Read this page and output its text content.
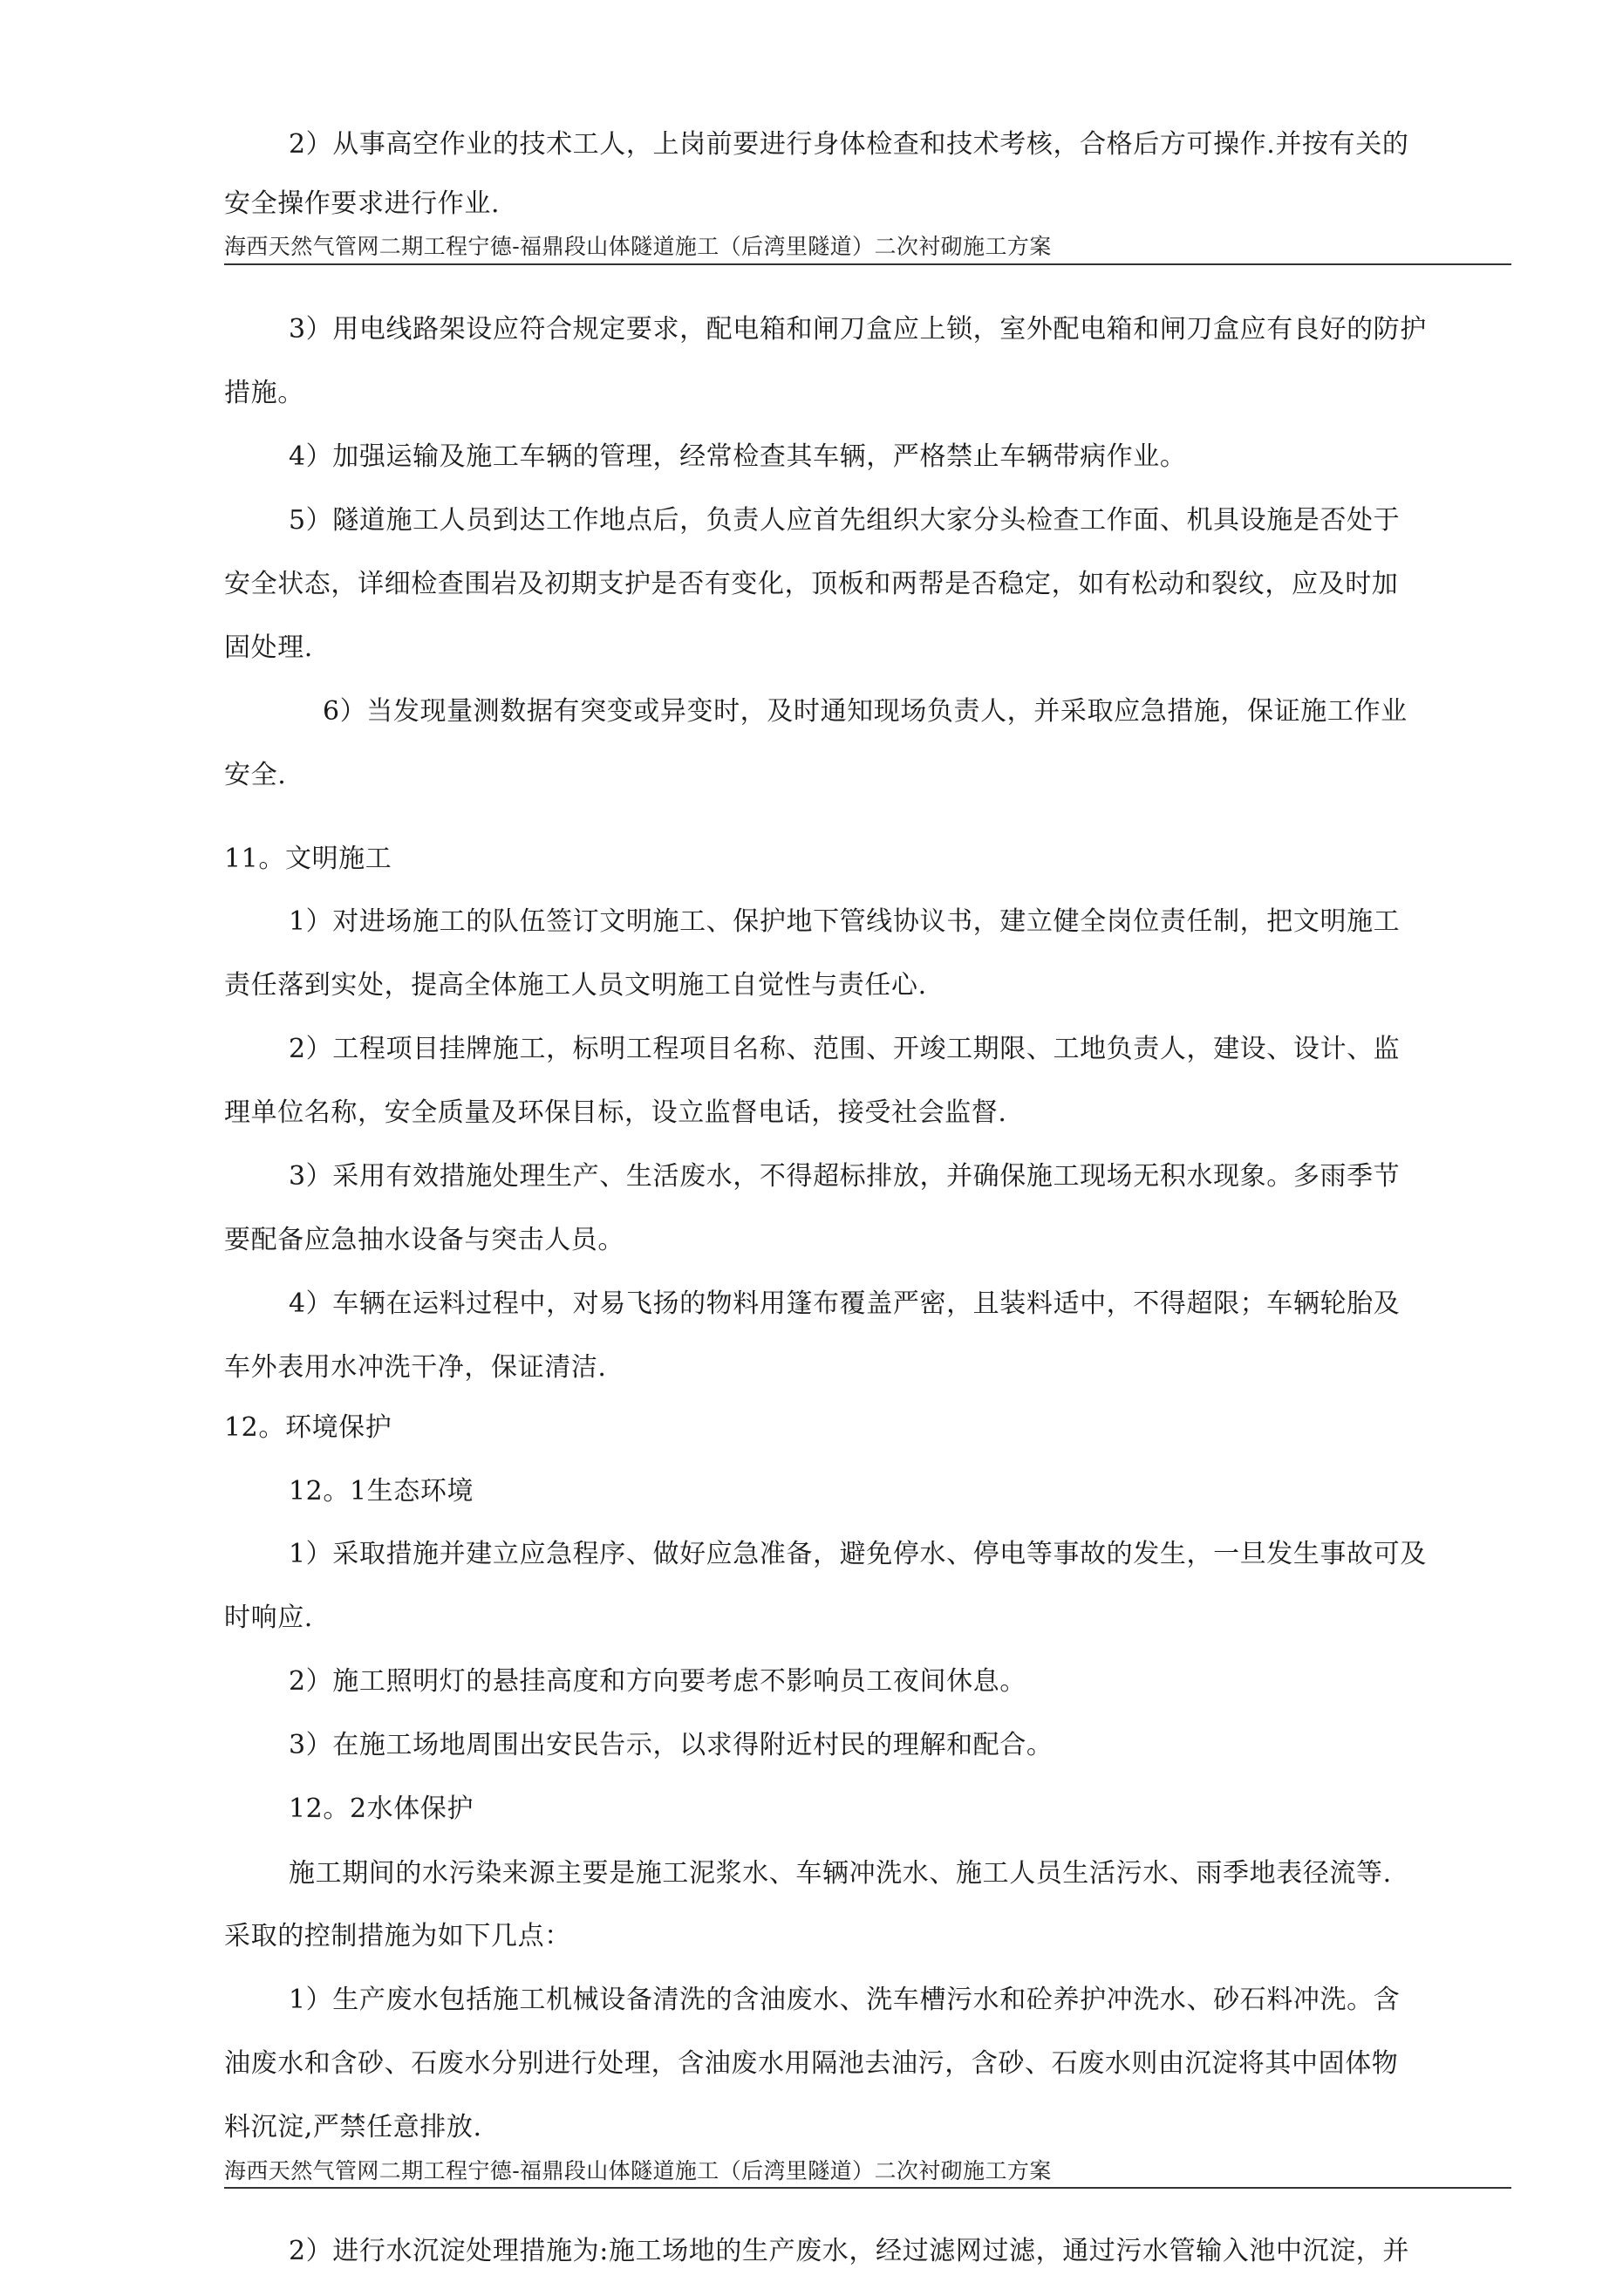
2）从事高空作业的技术工人，上岗前要进行身体检查和技术考核，合格后方可操作.并按有关的
安全操作要求进行作业.
海西天然气管网二期工程宁德-福鼎段山体隧道施工（后湾里隧道）二次衬砌施工方案
3）用电线路架设应符合规定要求，配电箱和闸刀盒应上锁，室外配电箱和闸刀盒应有良好的防护
措施。
4）加强运输及施工车辆的管理，经常检查其车辆，严格禁止车辆带病作业。
5）隧道施工人员到达工作地点后，负责人应首先组织大家分头检查工作面、机具设施是否处于
安全状态，详细检查围岩及初期支护是否有变化，顶板和两帮是否稳定，如有松动和裂纹，应及时加
固处理.
6）当发现量测数据有突变或异变时，及时通知现场负责人，并采取应急措施，保证施工作业
安全.
11。文明施工
1）对进场施工的队伍签订文明施工、保护地下管线协议书，建立健全岗位责任制，把文明施工
责任落到实处，提高全体施工人员文明施工自觉性与责任心.
2）工程项目挂牌施工，标明工程项目名称、范围、开竣工期限、工地负责人，建设、设计、监
理单位名称，安全质量及环保目标，设立监督电话，接受社会监督.
3）采用有效措施处理生产、生活废水，不得超标排放，并确保施工现场无积水现象。多雨季节
要配备应急抽水设备与突击人员。
4）车辆在运料过程中，对易飞扬的物料用篷布覆盖严密，且装料适中，不得超限；车辆轮胎及
车外表用水冲洗干净，保证清洁.
12。环境保护
12。1生态环境
1）采取措施并建立应急程序、做好应急准备，避免停水、停电等事故的发生，一旦发生事故可及
时响应.
2）施工照明灯的悬挂高度和方向要考虑不影响员工夜间休息。
3）在施工场地周围出安民告示，以求得附近村民的理解和配合。
12。2水体保护
施工期间的水污染来源主要是施工泥浆水、车辆冲洗水、施工人员生活污水、雨季地表径流等.
采取的控制措施为如下几点：
1）生产废水包括施工机械设备清洗的含油废水、洗车槽污水和砼养护冲洗水、砂石料冲洗。含
油废水和含砂、石废水分别进行处理，含油废水用隔池去油污，含砂、石废水则由沉淀将其中固体物
料沉淀,严禁任意排放.
海西天然气管网二期工程宁德-福鼎段山体隧道施工（后湾里隧道）二次衬砌施工方案
2）进行水沉淀处理措施为:施工场地的生产废水，经过滤网过滤，通过污水管输入池中沉淀，并
